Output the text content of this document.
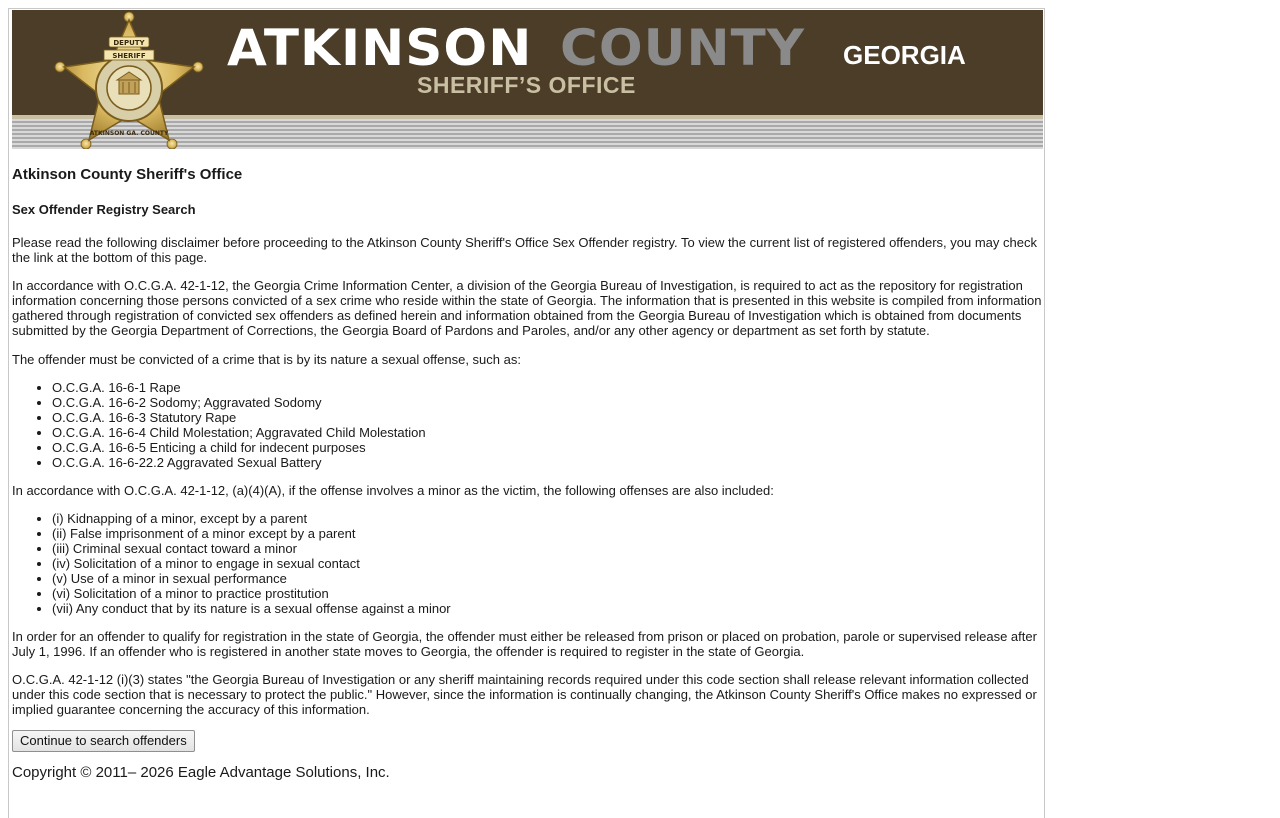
DEPUTY
SHERIFF
ATKINSON GA. COUNTY
ATKINSON COUNTY GEORGIA
SHERIFF’S OFFICE
Atkinson County Sheriff's Office
Sex Offender Registry Search

Please read the following disclaimer before proceeding to the Atkinson County Sheriff's Office Sex Offender registry. To view the current list of registered offenders, you may check the link at the bottom of this page.

In accordance with O.C.G.A. 42-1-12, the Georgia Crime Information Center, a division of the Georgia Bureau of Investigation, is required to act as the repository for registration information concerning those persons convicted of a sex crime who reside within the state of Georgia. The information that is presented in this website is compiled from information gathered through registration of convicted sex offenders as defined herein and information obtained from the Georgia Bureau of Investigation which is obtained from documents submitted by the Georgia Department of Corrections, the Georgia Board of Pardons and Paroles, and/or any other agency or department as set forth by statute.

The offender must be convicted of a crime that is by its nature a sexual offense, such as:

• O.C.G.A. 16-6-1 Rape
• O.C.G.A. 16-6-2 Sodomy; Aggravated Sodomy
• O.C.G.A. 16-6-3 Statutory Rape
• O.C.G.A. 16-6-4 Child Molestation; Aggravated Child Molestation
• O.C.G.A. 16-6-5 Enticing a child for indecent purposes
• O.C.G.A. 16-6-22.2 Aggravated Sexual Battery

In accordance with O.C.G.A. 42-1-12, (a)(4)(A), if the offense involves a minor as the victim, the following offenses are also included:

• (i) Kidnapping of a minor, except by a parent
• (ii) False imprisonment of a minor except by a parent
• (iii) Criminal sexual contact toward a minor
• (iv) Solicitation of a minor to engage in sexual contact
• (v) Use of a minor in sexual performance
• (vi) Solicitation of a minor to practice prostitution
• (vii) Any conduct that by its nature is a sexual offense against a minor

In order for an offender to qualify for registration in the state of Georgia, the offender must either be released from prison or placed on probation, parole or supervised release after July 1, 1996. If an offender who is registered in another state moves to Georgia, the offender is required to register in the state of Georgia.

O.C.G.A. 42-1-12 (i)(3) states "the Georgia Bureau of Investigation or any sheriff maintaining records required under this code section shall release relevant information collected under this code section that is necessary to protect the public." However, since the information is continually changing, the Atkinson County Sheriff's Office makes no expressed or implied guarantee concerning the accuracy of this information.

Continue to search offenders
Copyright © 2011– 2026 Eagle Advantage Solutions, Inc.
